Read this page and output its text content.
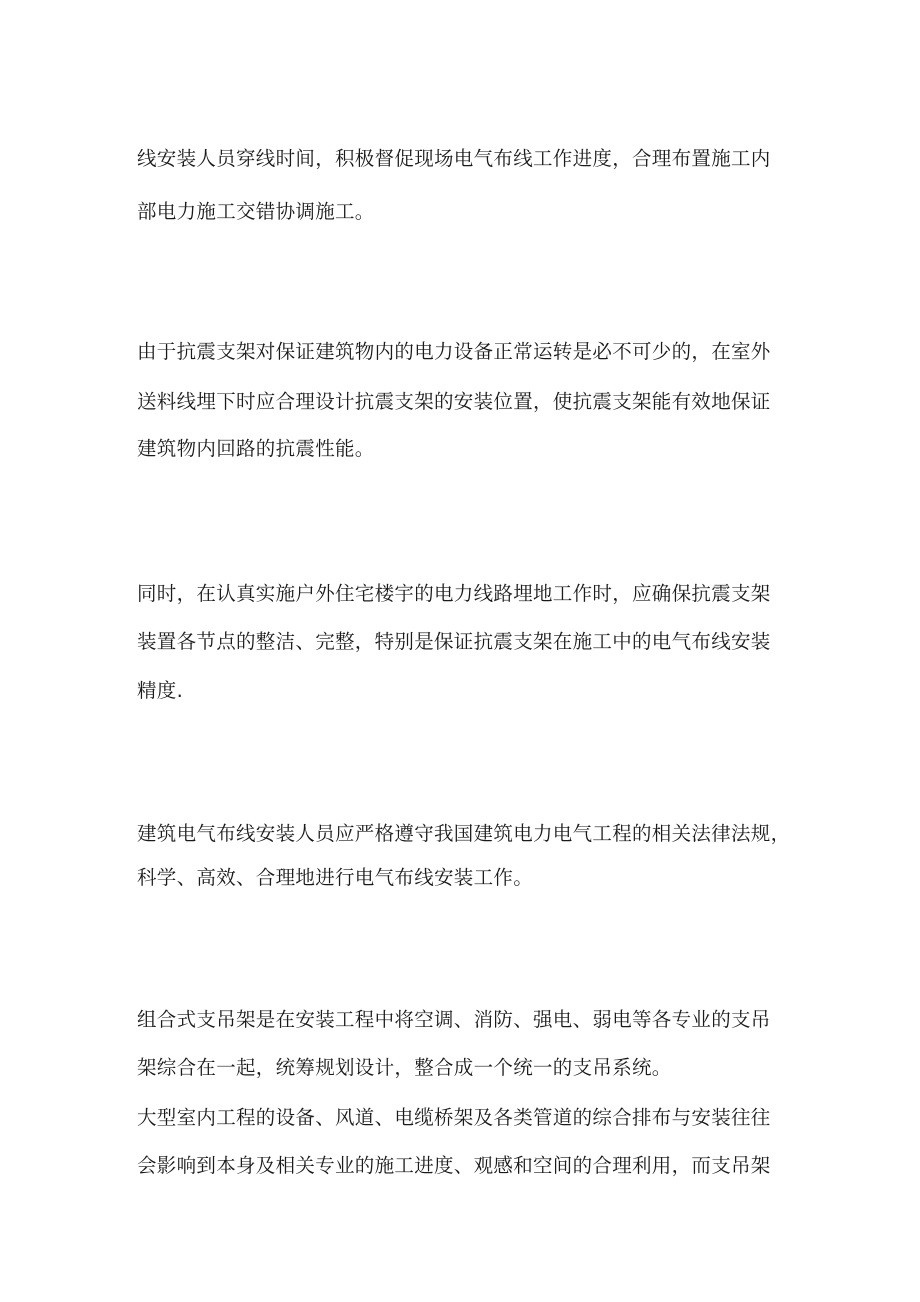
线安装人员穿线时间，积极督促现场电气布线工作进度，合理布置施工内
部电力施工交错协调施工。
由于抗震支架对保证建筑物内的电力设备正常运转是必不可少的，在室外
送料线埋下时应合理设计抗震支架的安装位置，使抗震支架能有效地保证
建筑物内回路的抗震性能。
同时，在认真实施户外住宅楼宇的电力线路埋地工作时，应确保抗震支架
装置各节点的整洁、完整，特别是保证抗震支架在施工中的电气布线安装
精度.
建筑电气布线安装人员应严格遵守我国建筑电力电气工程的相关法律法规，
科学、高效、合理地进行电气布线安装工作。
组合式支吊架是在安装工程中将空调、消防、强电、弱电等各专业的支吊
架综合在一起，统筹规划设计，整合成一个统一的支吊系统。
大型室内工程的设备、风道、电缆桥架及各类管道的综合排布与安装往往
会影响到本身及相关专业的施工进度、观感和空间的合理利用，而支吊架
